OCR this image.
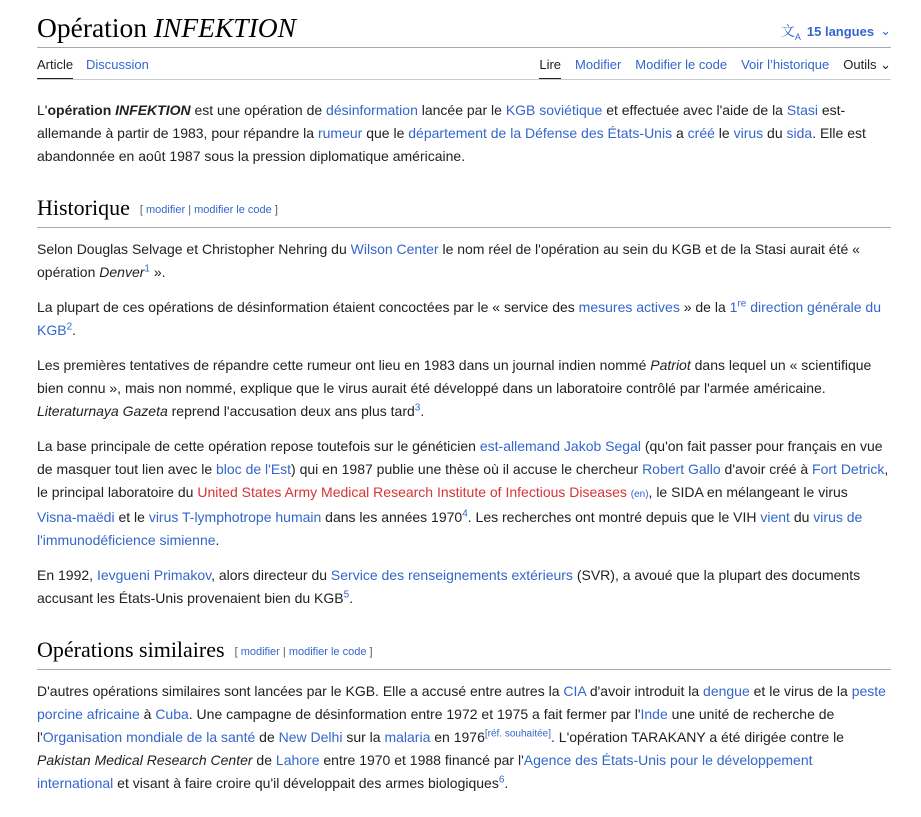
Opération INFEKTION	文$_A$ 15 langues ⌄
Article Discussion	Lire Modifier Modifier le code Voir l’historique Outils ⌄

L'opération INFEKTION est une opération de désinformation lancée par le KGB soviétique et effectuée avec l'aide de la Stasi est-allemande à partir de 1983, pour répandre la rumeur que le département de la Défense des États-Unis a créé le virus du sida. Elle est abandonnée en août 1987 sous la pression diplomatique américaine.

Historique [ modifier | modifier le code ]

Selon Douglas Selvage et Christopher Nehring du Wilson Center le nom réel de l'opération au sein du KGB et de la Stasi aurait été « opération Denver$^1$ ».

La plupart de ces opérations de désinformation étaient concoctées par le « service des mesures actives » de la 1re direction générale du KGB$^2$.

Les premières tentatives de répandre cette rumeur ont lieu en 1983 dans un journal indien nommé Patriot dans lequel un « scientifique bien connu », mais non nommé, explique que le virus aurait été développé dans un laboratoire contrôlé par l'armée américaine. Literaturnaya Gazeta reprend l'accusation deux ans plus tard$^3$.

La base principale de cette opération repose toutefois sur le généticien est-allemand Jakob Segal (qu'on fait passer pour français en vue de masquer tout lien avec le bloc de l'Est) qui en 1987 publie une thèse où il accuse le chercheur Robert Gallo d'avoir créé à Fort Detrick, le principal laboratoire du United States Army Medical Research Institute of Infectious Diseases (en), le SIDA en mélangeant le virus Visna-maëdi et le virus T-lymphotrope humain dans les années 1970$^4$. Les recherches ont montré depuis que le VIH vient du virus de l'immunodéficience simienne.

En 1992, Ievgueni Primakov, alors directeur du Service des renseignements extérieurs (SVR), a avoué que la plupart des documents accusant les États-Unis provenaient bien du KGB$^5$.

Opérations similaires [ modifier | modifier le code ]

D'autres opérations similaires sont lancées par le KGB. Elle a accusé entre autres la CIA d'avoir introduit la dengue et le virus de la peste porcine africaine à Cuba. Une campagne de désinformation entre 1972 et 1975 a fait fermer par l'Inde une unité de recherche de l'Organisation mondiale de la santé de New Delhi sur la malaria en 1976[réf. souhaitée]. L'opération TARAKANY a été dirigée contre le Pakistan Medical Research Center de Lahore entre 1970 et 1988 financé par l'Agence des États-Unis pour le développement international et visant à faire croire qu'il développait des armes biologiques$^6$.
